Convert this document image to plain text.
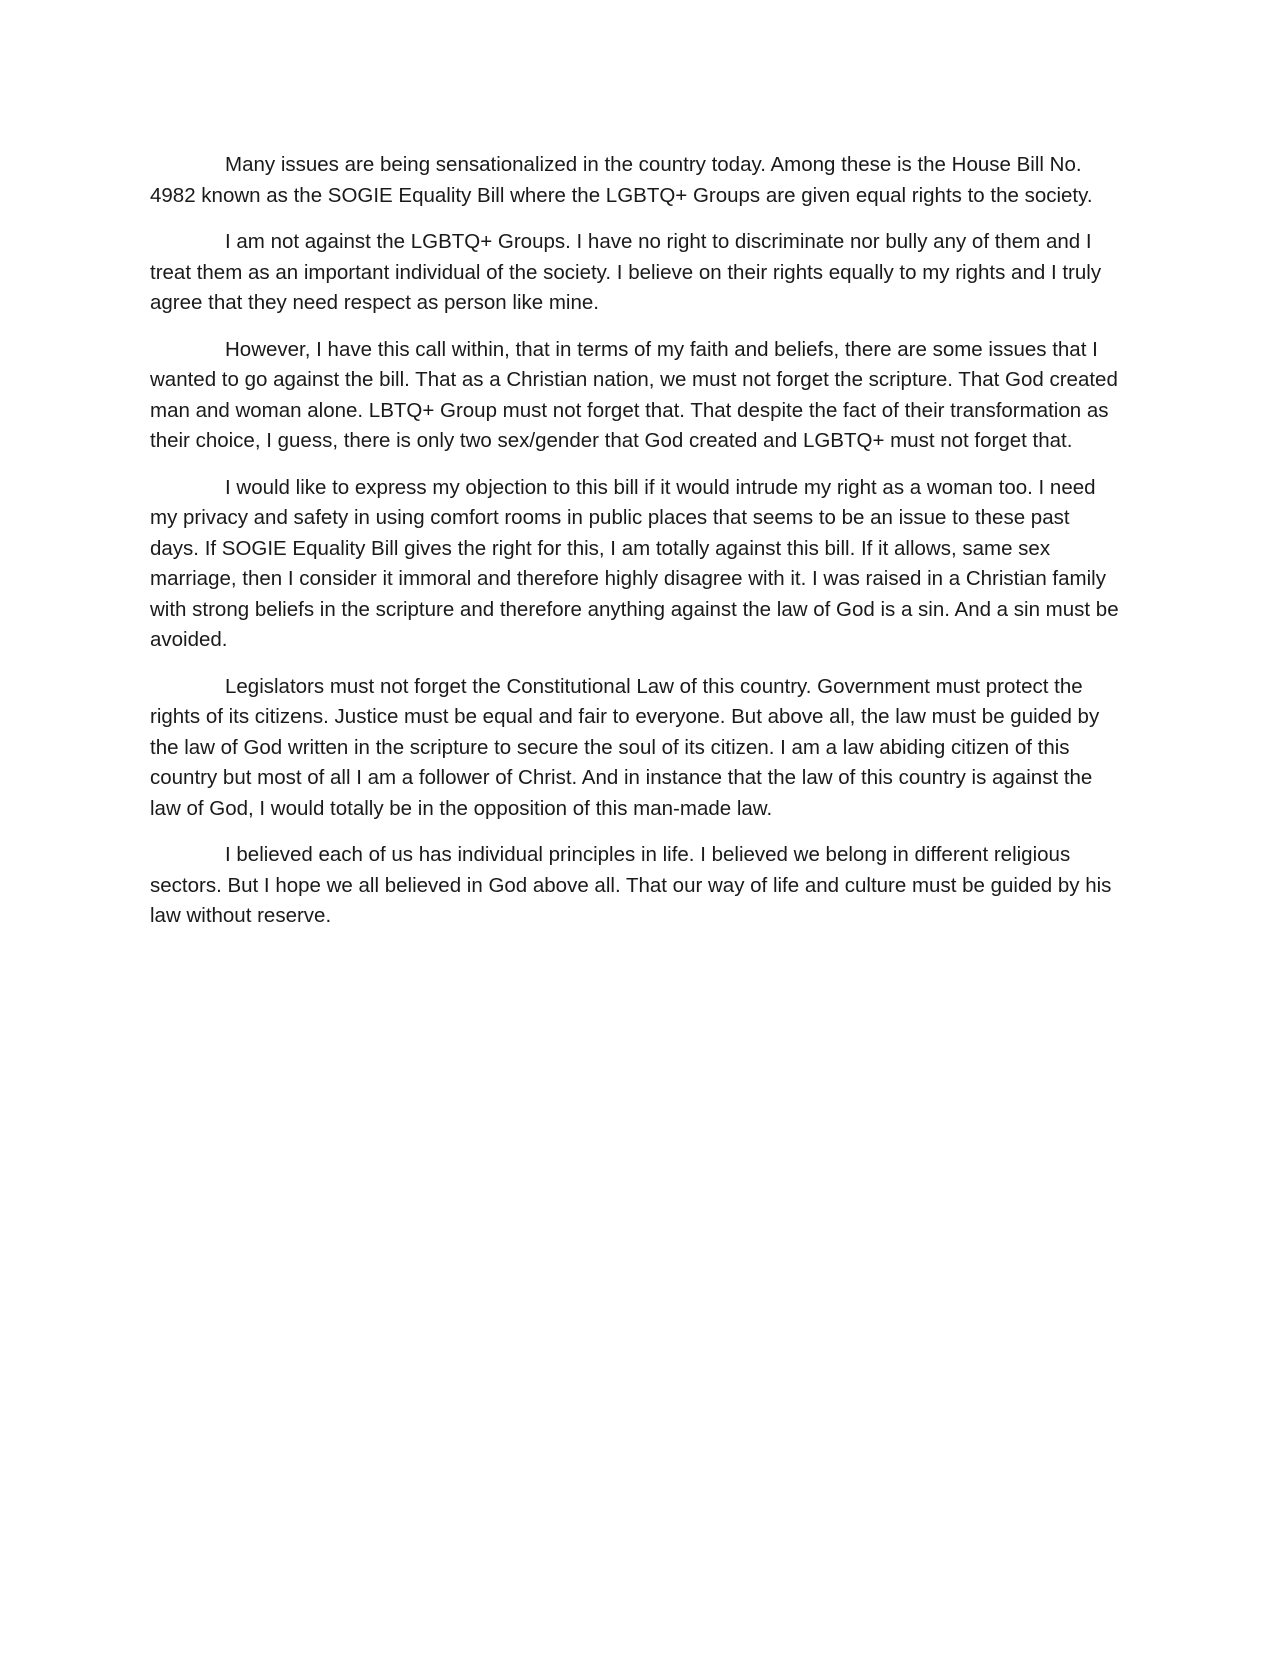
Many issues are being sensationalized in the country today. Among these is the House Bill No. 4982 known as the SOGIE Equality Bill where the LGBTQ+ Groups are given equal rights to the society.

I am not against the LGBTQ+ Groups. I have no right to discriminate nor bully any of them and I treat them as an important individual of the society. I believe on their rights equally to my rights and I truly agree that they need respect as person like mine.

However, I have this call within, that in terms of my faith and beliefs, there are some issues that I wanted to go against the bill. That as a Christian nation, we must not forget the scripture. That God created man and woman alone. LBTQ+ Group must not forget that. That despite the fact of their transformation as their choice, I guess, there is only two sex/gender that God created and LGBTQ+ must not forget that.

I would like to express my objection to this bill if it would intrude my right as a woman too. I need my privacy and safety in using comfort rooms in public places that seems to be an issue to these past days. If SOGIE Equality Bill gives the right for this, I am totally against this bill. If it allows, same sex marriage, then I consider it immoral and therefore highly disagree with it. I was raised in a Christian family with strong beliefs in the scripture and therefore anything against the law of God is a sin. And a sin must be avoided.

Legislators must not forget the Constitutional Law of this country. Government must protect the rights of its citizens. Justice must be equal and fair to everyone. But above all, the law must be guided by the law of God written in the scripture to secure the soul of its citizen. I am a law abiding citizen of this country but most of all I am a follower of Christ. And in instance that the law of this country is against the law of God, I would totally be in the opposition of this man-made law.

I believed each of us has individual principles in life. I believed we belong in different religious sectors. But I hope we all believed in God above all. That our way of life and culture must be guided by his law without reserve.
